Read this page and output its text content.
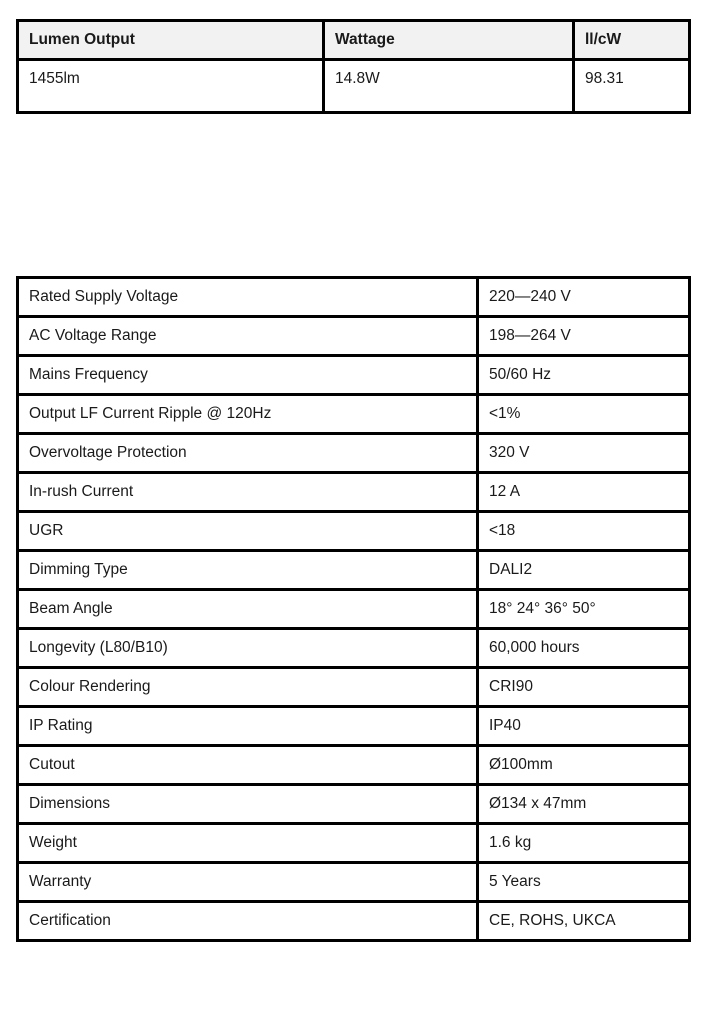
Lumen Output	Wattage	ll/cW
1455lm	14.8W	98.31
Rated Supply Voltage	220—240 V
AC Voltage Range	198—264 V
Mains Frequency	50/60 Hz
Output LF Current Ripple @ 120Hz	<1%
Overvoltage Protection	320 V
In-rush Current	12 A
UGR	<18
Dimming Type	DALI2
Beam Angle	18° 24° 36° 50°
Longevity (L80/B10)	60,000 hours
Colour Rendering	CRI90
IP Rating	IP40
Cutout	Ø100mm
Dimensions	Ø134 x 47mm
Weight	1.6 kg
Warranty	5 Years
Certification	CE, ROHS, UKCA
